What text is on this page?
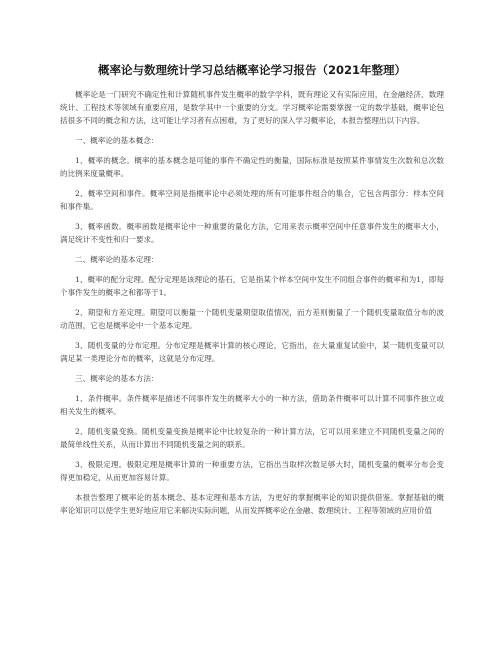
概率论与数理统计学习总结概率论学习报告（2021年整理）

概率论是一门研究不确定性和计算随机事件发生概率的数学学科，既有理论又有实际应用，在金融经济、数理统计、工程技术等领域有重要应用，是数学其中一个重要的分支。学习概率论需要掌握一定的数学基础，概率论包括很多不同的概念和方法，这可能让学习者有点困难，为了更好的深入学习概率论，本报告整理出以下内容。

一、概率论的基本概念：

1、概率的概念。概率的基本概念是可能的事件不确定性的衡量，国际标准是按照某件事情发生次数和总次数的比例来度量概率。

2、概率空间和事件。概率空间是指概率论中必须处理的所有可能事件组合的集合，它包含两部分：样本空间和事件集。

3、概率函数。概率函数是概率论中一种重要的量化方法，它用来表示概率空间中任意事件发生的概率大小，满足统计不变性和归一要求。

二、概率论的基本定理：

1、概率的配分定理。配分定理是该理论的基石，它是指某个样本空间中发生不同组合事件的概率和为1，即每个事件发生的概率之和都等于1。

2、期望和方差定理。期望可以衡量一个随机变量期望取值情况，而方差则衡量了一个随机变量取值分布的波动范围，它也是概率论中一个基本定理。

3、随机变量的分布定理。分布定理是概率计算的核心理论，它指出，在大量重复试验中，某一随机变量可以满足某一类理论分布的概率，这就是分布定理。

三、概率论的基本方法：

1、条件概率。条件概率是描述不同事件发生的概率大小的一种方法，借助条件概率可以计算不同事件独立或相关发生的概率。

2、随机变量变换。随机变量变换是概率论中比较复杂的一种计算方法，它可以用来建立不同随机变量之间的最简单线性关系，从而计算出不同随机变量之间的联系。

3、极限定理。极限定理是概率计算的一种重要方法，它指出当取样次数足够大时，随机变量的概率分布会变得更加稳定，从而更加容易计算。

本报告整理了概率论的基本概念、基本定理和基本方法，为更好的掌握概率论的知识提供借鉴。掌握基础的概率论知识可以使学生更好地应用它来解决实际问题，从而发挥概率论在金融、数理统计、工程等领域的应用价值
